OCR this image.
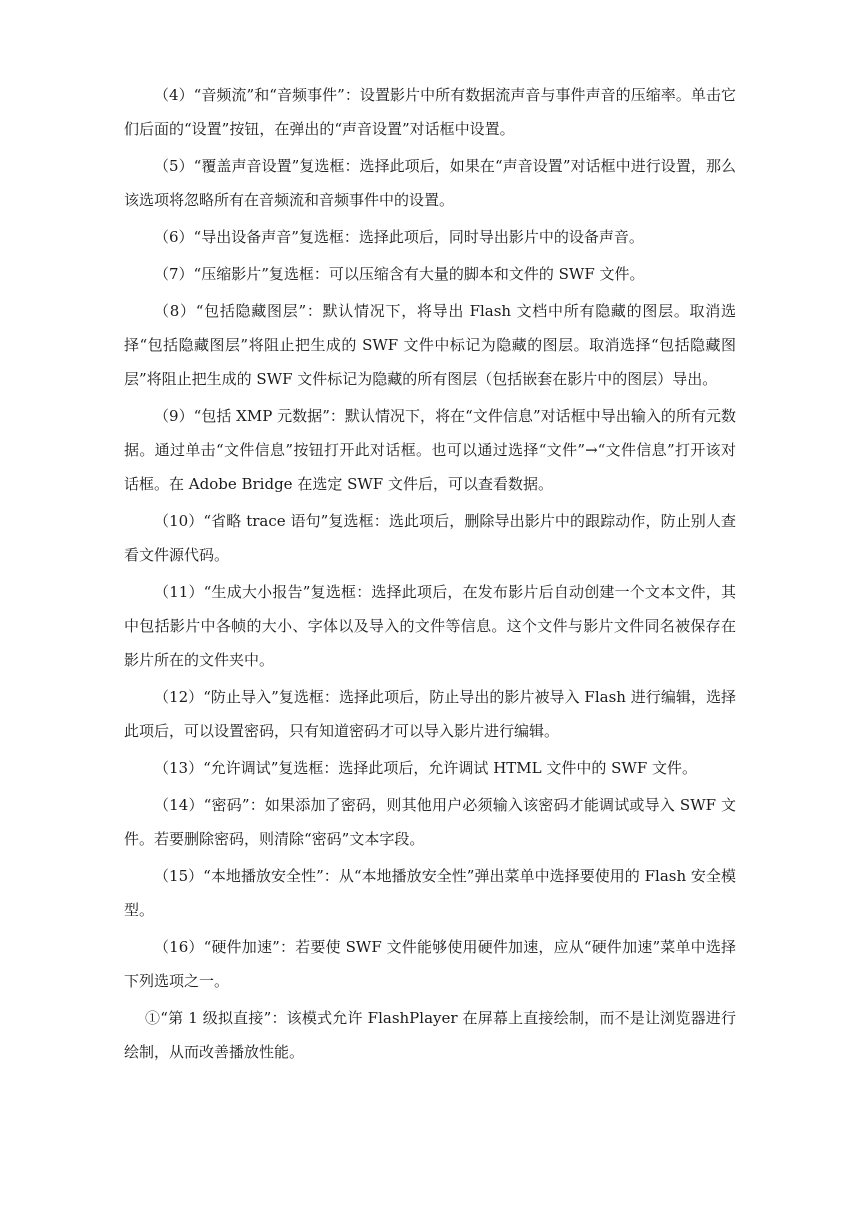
（4）“音频流”和“音频事件”：设置影片中所有数据流声音与事件声音的压缩率。单击它们后面的“设置”按钮，在弹出的“声音设置”对话框中设置。

（5）“覆盖声音设置”复选框：选择此项后，如果在“声音设置”对话框中进行设置，那么该选项将忽略所有在音频流和音频事件中的设置。

（6）“导出设备声音”复选框：选择此项后，同时导出影片中的设备声音。

（7）“压缩影片”复选框：可以压缩含有大量的脚本和文件的 SWF 文件。

（8）“包括隐藏图层”：默认情况下，将导出 Flash 文档中所有隐藏的图层。取消选择“包括隐藏图层”将阻止把生成的 SWF 文件中标记为隐藏的图层。取消选择“包括隐藏图层”将阻止把生成的 SWF 文件标记为隐藏的所有图层（包括嵌套在影片中的图层）导出。

（9）“包括 XMP 元数据”：默认情况下，将在“文件信息”对话框中导出输入的所有元数据。通过单击“文件信息”按钮打开此对话框。也可以通过选择“文件”→“文件信息”打开该对话框。在 Adobe Bridge 在选定 SWF 文件后，可以查看数据。

（10）“省略 trace 语句”复选框：选此项后，删除导出影片中的跟踪动作，防止别人查看文件源代码。

（11）“生成大小报告”复选框：选择此项后，在发布影片后自动创建一个文本文件，其中包括影片中各帧的大小、字体以及导入的文件等信息。这个文件与影片文件同名被保存在影片所在的文件夹中。

（12）“防止导入”复选框：选择此项后，防止导出的影片被导入 Flash 进行编辑，选择此项后，可以设置密码，只有知道密码才可以导入影片进行编辑。

（13）“允许调试”复选框：选择此项后，允许调试 HTML 文件中的 SWF 文件。

（14）“密码”：如果添加了密码，则其他用户必须输入该密码才能调试或导入 SWF 文件。若要删除密码，则清除“密码”文本字段。

（15）“本地播放安全性”：从“本地播放安全性”弹出菜单中选择要使用的 Flash 安全模型。

（16）“硬件加速”：若要使 SWF 文件能够使用硬件加速，应从“硬件加速”菜单中选择下列选项之一。

①“第 1 级拟直接”：该模式允许 FlashPlayer 在屏幕上直接绘制，而不是让浏览器进行绘制，从而改善播放性能。
